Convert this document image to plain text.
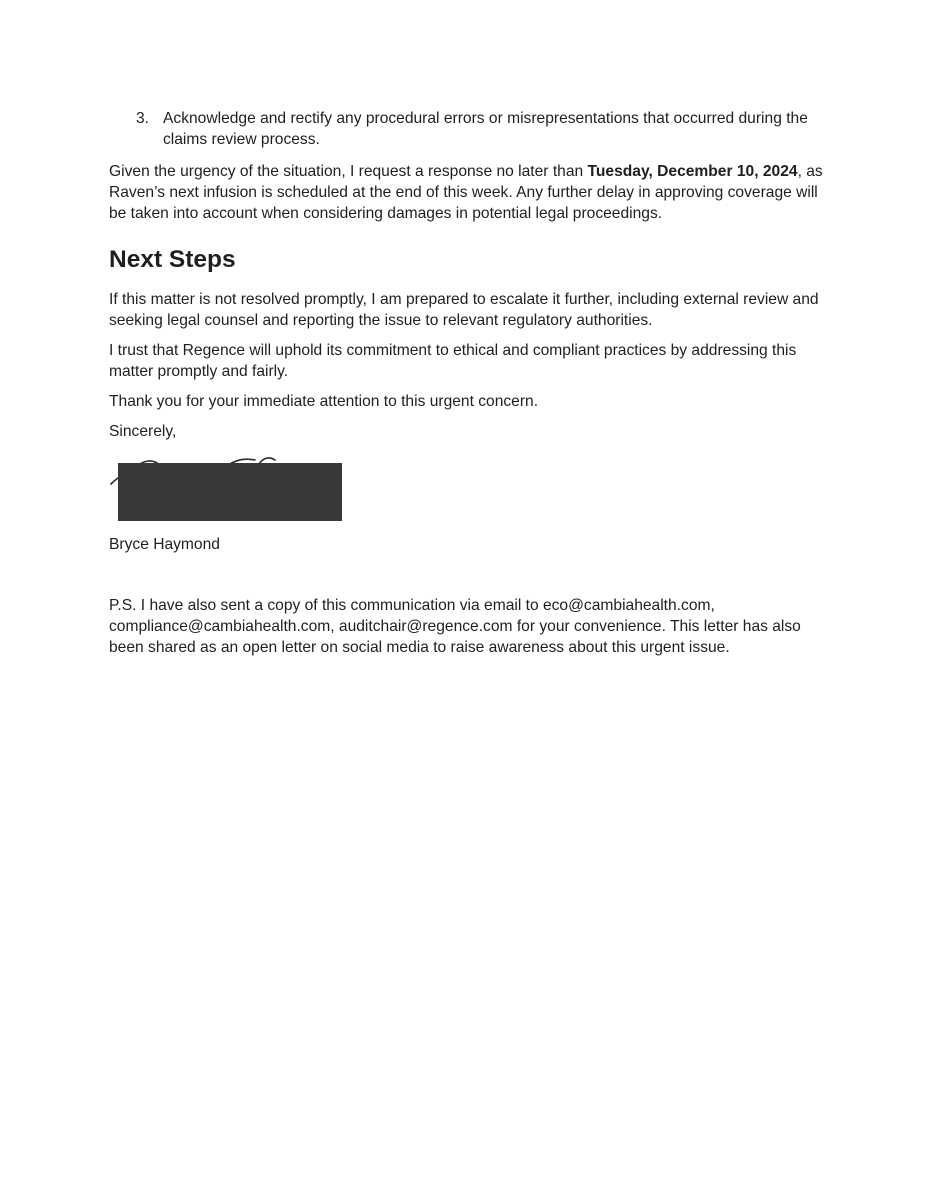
3. Acknowledge and rectify any procedural errors or misrepresentations that occurred during the claims review process.

Given the urgency of the situation, I request a response no later than Tuesday, December 10, 2024, as Raven’s next infusion is scheduled at the end of this week. Any further delay in approving coverage will be taken into account when considering damages in potential legal proceedings.

Next Steps

If this matter is not resolved promptly, I am prepared to escalate it further, including external review and seeking legal counsel and reporting the issue to relevant regulatory authorities.

I trust that Regence will uphold its commitment to ethical and compliant practices by addressing this matter promptly and fairly.

Thank you for your immediate attention to this urgent concern.

Sincerely,

Bryce Haymond

P.S. I have also sent a copy of this communication via email to eco@cambiahealth.com, compliance@cambiahealth.com, auditchair@regence.com for your convenience. This letter has also been shared as an open letter on social media to raise awareness about this urgent issue.
